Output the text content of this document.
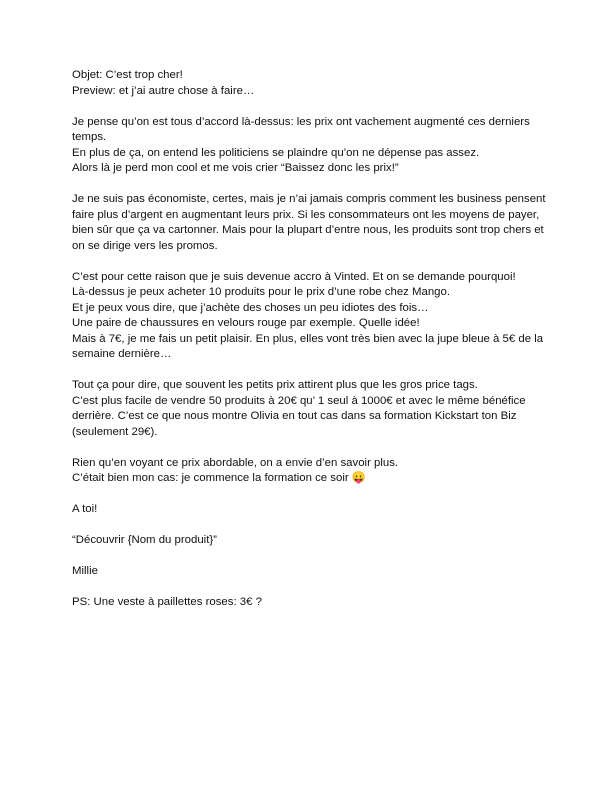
Objet: C’est trop cher!
Preview: et j’ai autre chose à faire…
Je pense qu’on est tous d’accord là-dessus: les prix ont vachement augmenté ces derniers
temps.
En plus de ça, on entend les politiciens se plaindre qu’on ne dépense pas assez.
Alors là je perd mon cool et me vois crier “Baissez donc les prix!”
Je ne suis pas économiste, certes, mais je n’ai jamais compris comment les business pensent
faire plus d’argent en augmentant leurs prix. Si les consommateurs ont les moyens de payer,
bien sûr que ça va cartonner. Mais pour la plupart d’entre nous, les produits sont trop chers et
on se dirige vers les promos.
C’est pour cette raison que je suis devenue accro à Vinted. Et on se demande pourquoi!
Là-dessus je peux acheter 10 produits pour le prix d’une robe chez Mango.
Et je peux vous dire, que j’achète des choses un peu idiotes des fois…
Une paire de chaussures en velours rouge par exemple. Quelle idée!
Mais à 7€, je me fais un petit plaisir. En plus, elles vont très bien avec la jupe bleue à 5€ de la
semaine dernière…
Tout ça pour dire, que souvent les petits prix attirent plus que les gros price tags.
C’est plus facile de vendre 50 produits à 20€ qu’ 1 seul à 1000€ et avec le même bénéfice
derrière. C’est ce que nous montre Olivia en tout cas dans sa formation Kickstart ton Biz
(seulement 29€).
Rien qu’en voyant ce prix abordable, on a envie d’en savoir plus.
C’était bien mon cas: je commence la formation ce soir 😛
A toi!
“Découvrir {Nom du produit}”
Millie
PS: Une veste à paillettes roses: 3€ ?
